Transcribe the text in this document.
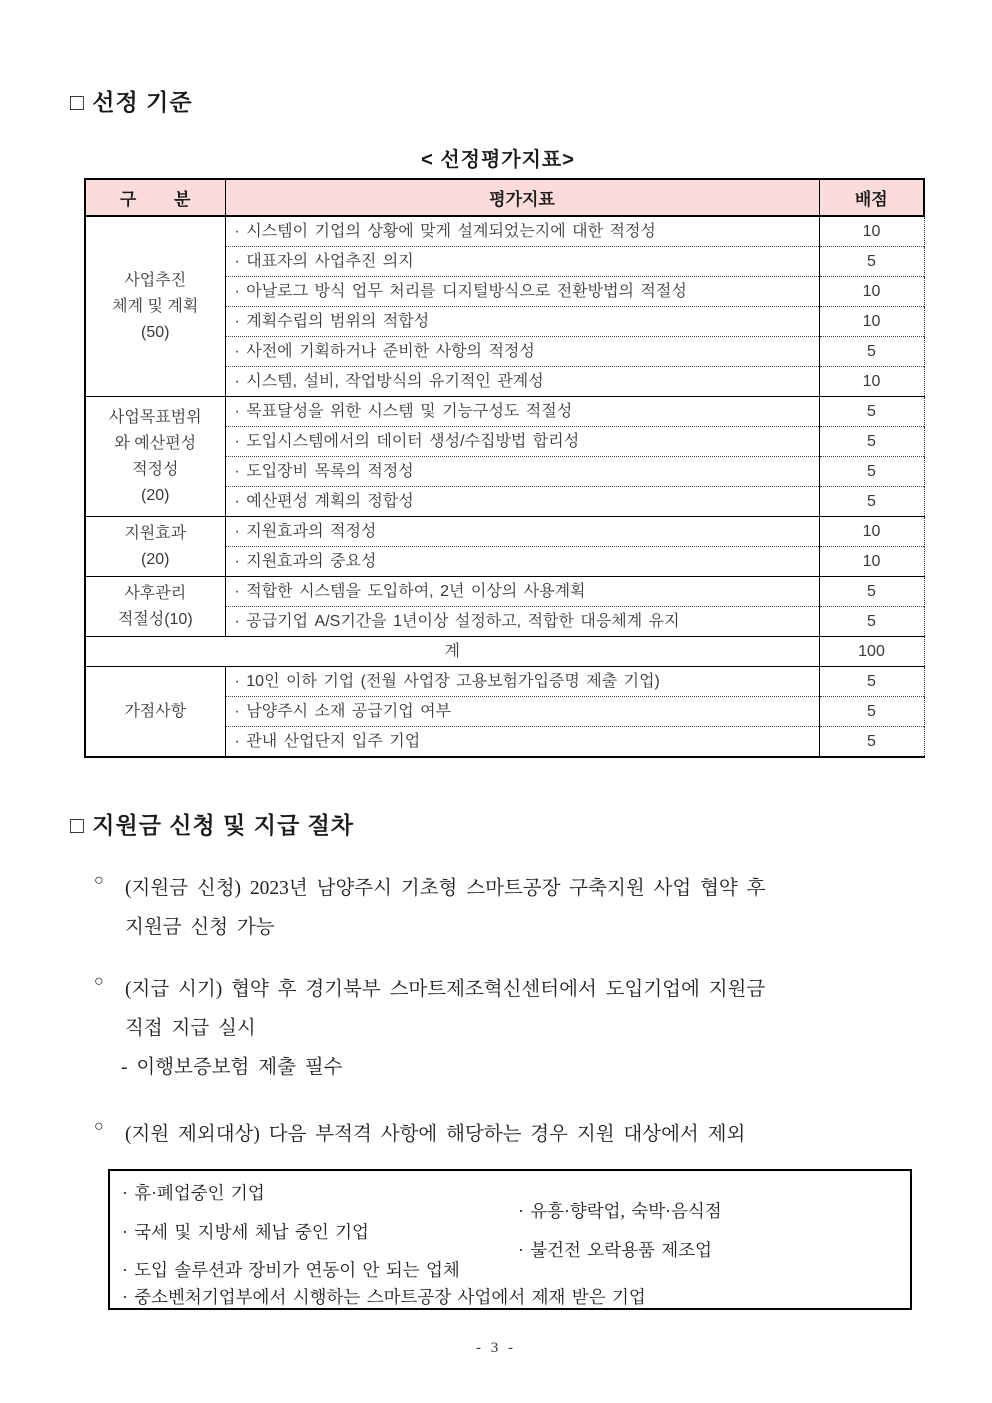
□ 선정 기준
< 선정평가지표>
구        분	평가지표	배점

사업추진
체계 및 계획
(50)	· 시스템이 기업의 상황에 맞게 설계되었는지에 대한 적정성	10
	· 대표자의 사업추진 의지	5
	· 아날로그 방식 업무 처리를 디지털방식으로 전환방법의 적절성	10
	· 계획수립의 범위의 적합성	10
	· 사전에 기획하거나 준비한 사항의 적정성	5
	· 시스템, 설비, 작업방식의 유기적인 관계성	10

사업목표범위
와 예산편성
적정성
(20)	· 목표달성을 위한 시스템 및 기능구성도 적절성	5
	· 도입시스템에서의 데이터 생성/수집방법 합리성	5
	· 도입장비 목록의 적정성	5
	· 예산편성 계획의 정합성	5

지원효과
(20)	· 지원효과의 적정성	10
	· 지원효과의 중요성	10

사후관리
적절성(10)	· 적합한 시스템을 도입하여, 2년 이상의 사용계획	5
	· 공급기업 A/S기간을 1년이상 설정하고, 적합한 대응체계 유지	5
계		100

가점사항	· 10인 이하 기업 (전월 사업장 고용보험가입증명 제출 기업)	5
	· 남양주시 소재 공급기업 여부	5
	· 관내 산업단지 입주 기업	5
□ 지원금 신청 및 지급 절차
○	(지원금 신청) 2023년 남양주시 기초형 스마트공장 구축지원 사업 협약 후
지원금 신청 가능
○	(지급 시기) 협약 후 경기북부 스마트제조혁신센터에서 도입기업에 지원금
직접 지급 실시
- 이행보증보험 제출 필수
○	(지원 제외대상) 다음 부적격 사항에 해당하는 경우 지원 대상에서 제외
· 휴·폐업중인 기업
· 국세 및 지방세 체납 중인 기업
· 도입 솔루션과 장비가 연동이 안 되는 업체
· 유흥·향락업, 숙박·음식점
· 불건전 오락용품 제조업
· 중소벤처기업부에서 시행하는 스마트공장 사업에서 제재 받은 기업
- 3 -
